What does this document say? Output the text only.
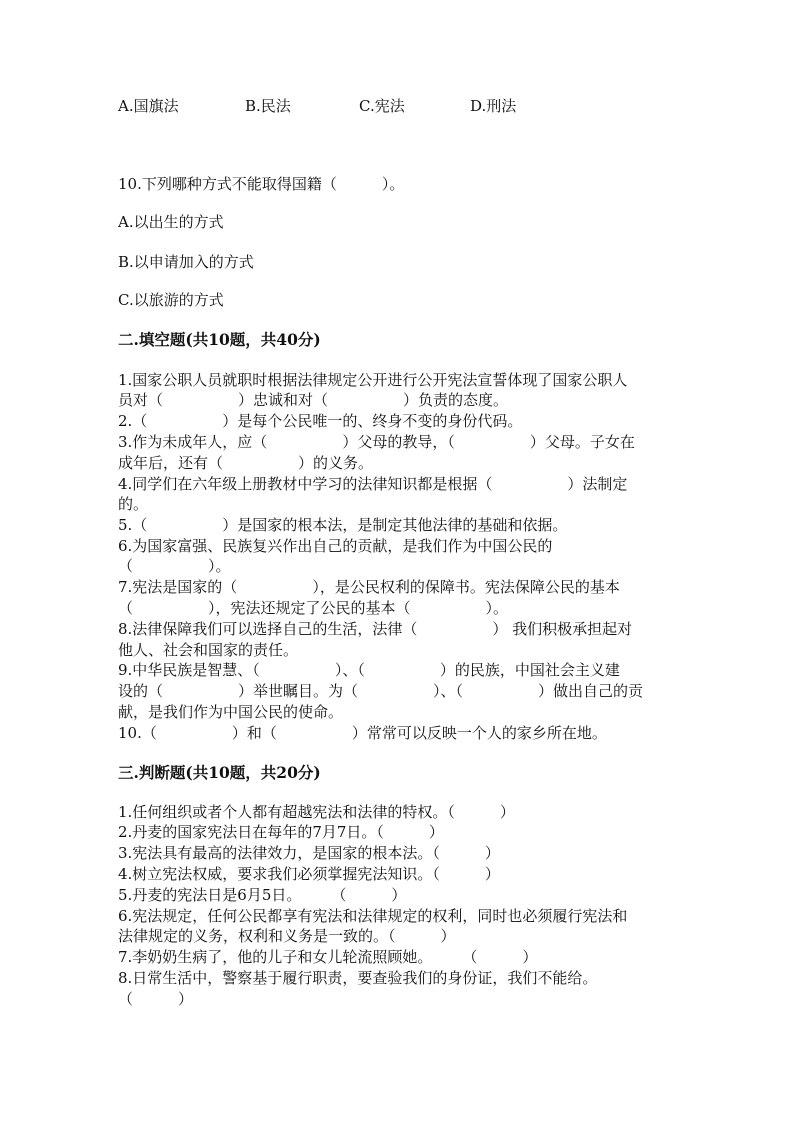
A.国旗法

	B.民法

	C.宪法

	D.刑法

10.下列哪种方式不能取得国籍（　　　）。
A.以出生的方式
B.以申请加入的方式
C.以旅游的方式
二.填空题(共10题，共40分)
1.国家公职人员就职时根据法律规定公开进行公开宪法宣誓体现了国家公职人
员对（　　　　　）忠诚和对（　　　　　）负责的态度。
2.（　　　　　）是每个公民唯一的、终身不变的身份代码。
3.作为未成年人，应（　　　　　）父母的教导，（　　　　　）父母。子女在
成年后，还有（　　　　　）的义务。
4.同学们在六年级上册教材中学习的法律知识都是根据（　　　　　）法制定
的。
5.（　　　　　）是国家的根本法，是制定其他法律的基础和依据。
6.为国家富强、民族复兴作出自己的贡献，是我们作为中国公民的
（　　　　　）。
7.宪法是国家的（　　　　　），是公民权利的保障书。宪法保障公民的基本
（　　　　　），宪法还规定了公民的基本（　　　　　）。
8.法律保障我们可以选择自己的生活，法律（　　　　　） 我们积极承担起对
他人、社会和国家的责任。
9.中华民族是智慧、（　　　　　）、（　　　　　）的民族，中国社会主义建
设的（　　　　　）举世瞩目。为（　　　　　）、（　　　　　）做出自己的贡
献，是我们作为中国公民的使命。
10.（　　　　　）和（　　　　　）常常可以反映一个人的家乡所在地。
三.判断题(共10题，共20分)
1.任何组织或者个人都有超越宪法和法律的特权。（　　　）
2.丹麦的国家宪法日在每年的7月7日。（　　　）
3.宪法具有最高的法律效力，是国家的根本法。（　　　）
4.树立宪法权威，要求我们必须掌握宪法知识。（　　　）
5.丹麦的宪法日是6月5日。　　　（　　　）
6.宪法规定，任何公民都享有宪法和法律规定的权利，同时也必须履行宪法和
法律规定的义务，权利和义务是一致的。（　　　）
7.李奶奶生病了，他的儿子和女儿轮流照顾她。　　　（　　　）
8.日常生活中，警察基于履行职责，要查验我们的身份证，我们不能给。
（　　　）
